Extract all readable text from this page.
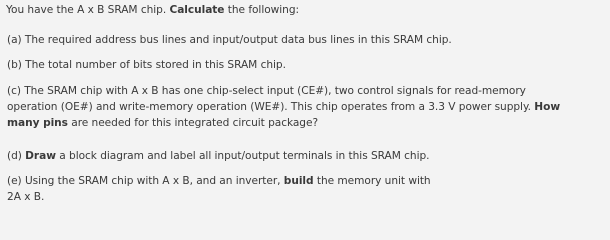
You have the A x B SRAM chip. Calculate the following:
(a) The required address bus lines and input/output data bus lines in this SRAM chip.
(b) The total number of bits stored in this SRAM chip.
(c) The SRAM chip with A x B has one chip-select input (CE#), two control signals for read-memory
operation (OE#) and write-memory operation (WE#). This chip operates from a 3.3 V power supply. How
many pins are needed for this integrated circuit package?
(d) Draw a block diagram and label all input/output terminals in this SRAM chip.
(e) Using the SRAM chip with A x B, and an inverter, build the memory unit with
2A x B.
